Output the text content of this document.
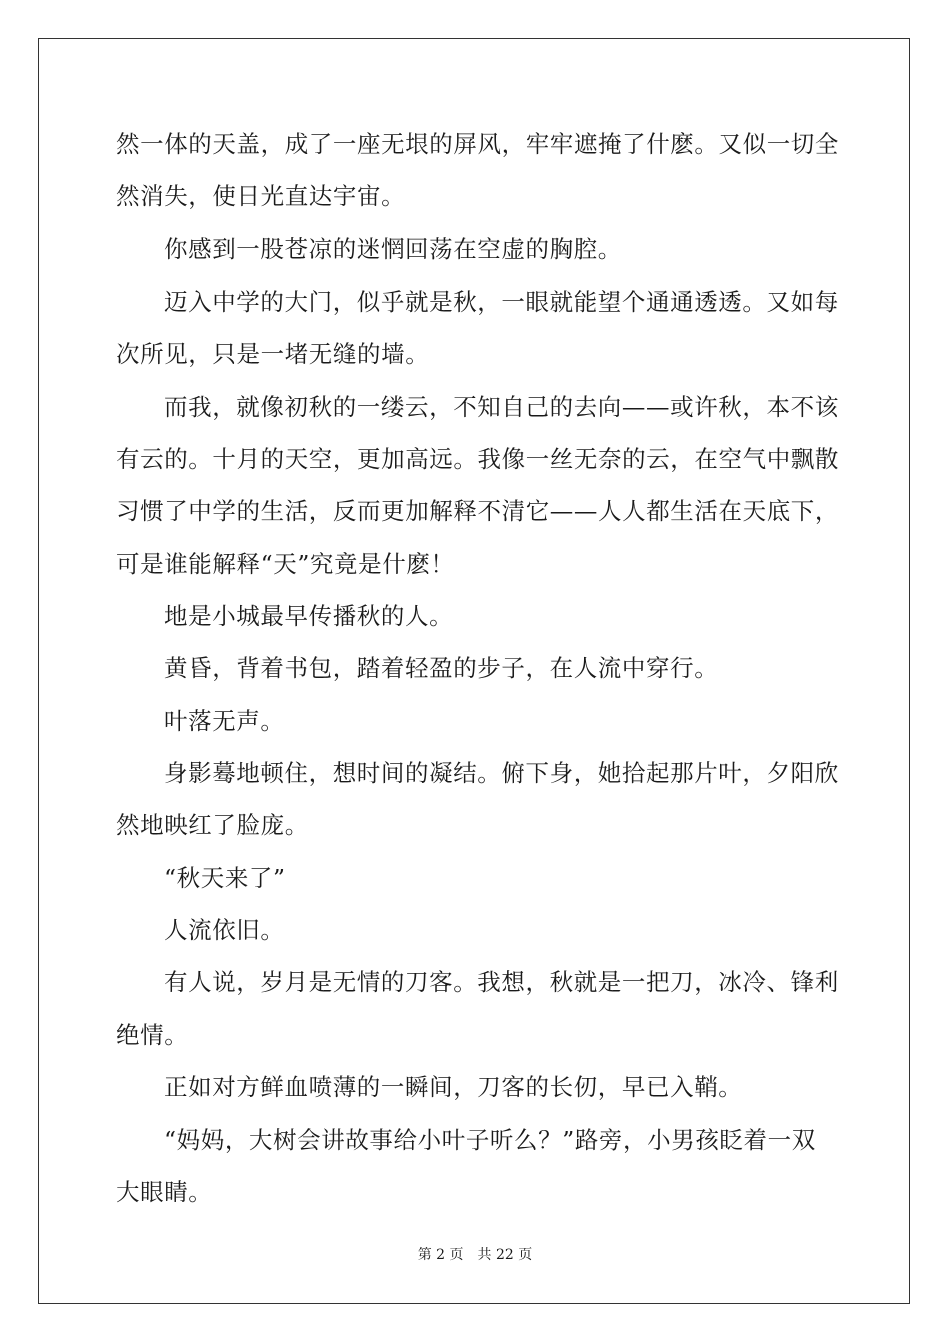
然一体的天盖，成了一座无垠的屏风，牢牢遮掩了什麽。又似一切全
然消失，使日光直达宇宙。
你感到一股苍凉的迷惘回荡在空虚的胸腔。
迈入中学的大门，似乎就是秋，一眼就能望个通通透透。又如每
次所见，只是一堵无缝的墙。
而我，就像初秋的一缕云，不知自己的去向——或许秋，本不该
有云的。十月的天空，更加高远。我像一丝无奈的云，在空气中飘散
习惯了中学的生活，反而更加解释不清它——人人都生活在天底下，
可是谁能解释“天”究竟是什麽！
地是小城最早传播秋的人。
黄昏，背着书包，踏着轻盈的步子，在人流中穿行。
叶落无声。
身影蓦地顿住，想时间的凝结。俯下身，她拾起那片叶，夕阳欣
然地映红了脸庞。
“秋天来了”
人流依旧。
有人说，岁月是无情的刀客。我想，秋就是一把刀，冰冷、锋利
绝情。
正如对方鲜血喷薄的一瞬间，刀客的长仞，早已入鞘。
“妈妈，大树会讲故事给小叶子听么？”路旁，小男孩眨着一双
大眼睛。
第 2 页　共 22 页
